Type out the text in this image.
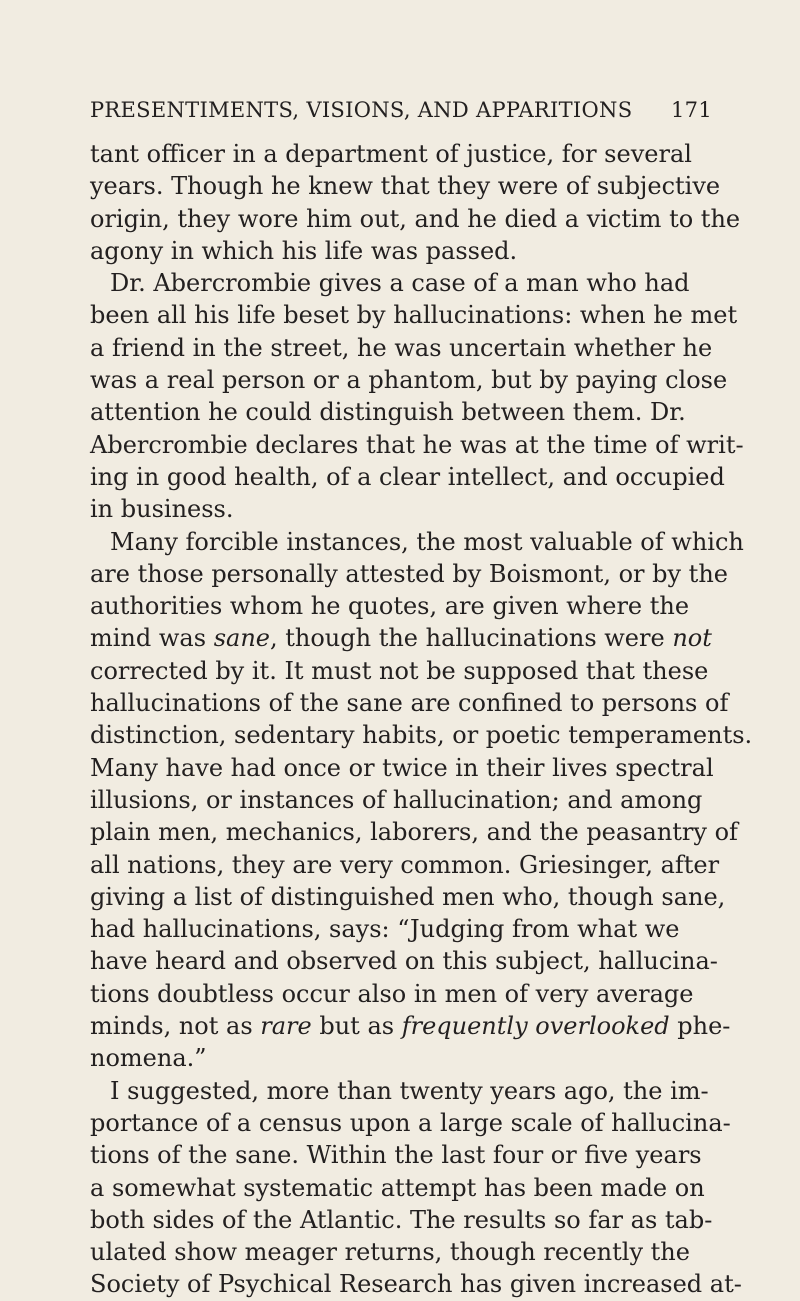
PRESENTIMENTS, VISIONS, AND APPARITIONS 171
tant officer in a department of justice, for several
years. Though he knew that they were of subjective
origin, they wore him out, and he died a victim to the
agony in which his life was passed.
Dr. Abercrombie gives a case of a man who had
been all his life beset by hallucinations: when he met
a friend in the street, he was uncertain whether he
was a real person or a phantom, but by paying close
attention he could distinguish between them. Dr.
Abercrombie declares that he was at the time of writ-
ing in good health, of a clear intellect, and occupied
in business.
Many forcible instances, the most valuable of which
are those personally attested by Boismont, or by the
authorities whom he quotes, are given where the
mind was sane, though the hallucinations were not
corrected by it. It must not be supposed that these
hallucinations of the sane are confined to persons of
distinction, sedentary habits, or poetic temperaments.
Many have had once or twice in their lives spectral
illusions, or instances of hallucination; and among
plain men, mechanics, laborers, and the peasantry of
all nations, they are very common. Griesinger, after
giving a list of distinguished men who, though sane,
had hallucinations, says: “Judging from what we
have heard and observed on this subject, hallucina-
tions doubtless occur also in men of very average
minds, not as rare but as frequently overlooked phe-
nomena.”
I suggested, more than twenty years ago, the im-
portance of a census upon a large scale of hallucina-
tions of the sane. Within the last four or five years
a somewhat systematic attempt has been made on
both sides of the Atlantic. The results so far as tab-
ulated show meager returns, though recently the
Society of Psychical Research has given increased at-
